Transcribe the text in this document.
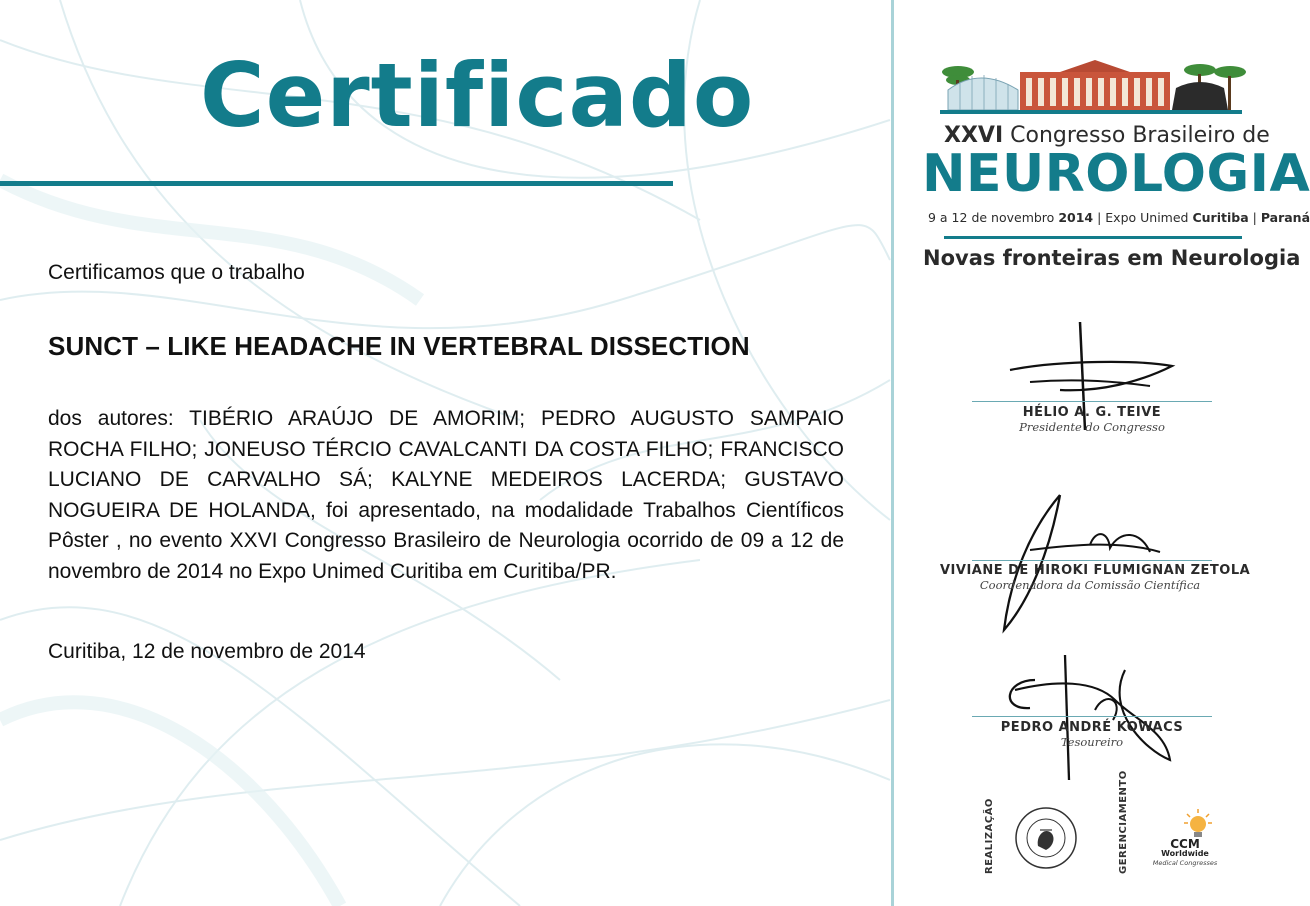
Certificado
Certificamos que o trabalho
SUNCT – LIKE HEADACHE IN VERTEBRAL DISSECTION
dos autores: TIBÉRIO ARAÚJO DE AMORIM; PEDRO AUGUSTO SAMPAIO ROCHA FILHO; JONEUSO TÉRCIO CAVALCANTI DA COSTA FILHO; FRANCISCO LUCIANO DE CARVALHO SÁ; KALYNE MEDEIROS LACERDA; GUSTAVO NOGUEIRA DE HOLANDA, foi apresentado, na modalidade Trabalhos Científicos Pôster , no evento XXVI Congresso Brasileiro de Neurologia ocorrido de 09 a 12 de novembro de 2014 no Expo Unimed Curitiba em Curitiba/PR.
Curitiba, 12 de novembro de 2014
XXVI Congresso Brasileiro de
NEUROLOGIA
9 a 12 de novembro 2014 | Expo Unimed Curitiba | Paraná
Novas fronteiras em Neurologia
HÉLIO A. G. TEIVE
Presidente do Congresso
VIVIANE DE HIROKI FLUMIGNAN ZETOLA
Coordenadora da Comissão Científica
PEDRO ANDRÉ KOWACS
Tesoureiro
REALIZAÇÃO	GERENCIAMENTO	CCM
Worldwide
Medical Congresses
